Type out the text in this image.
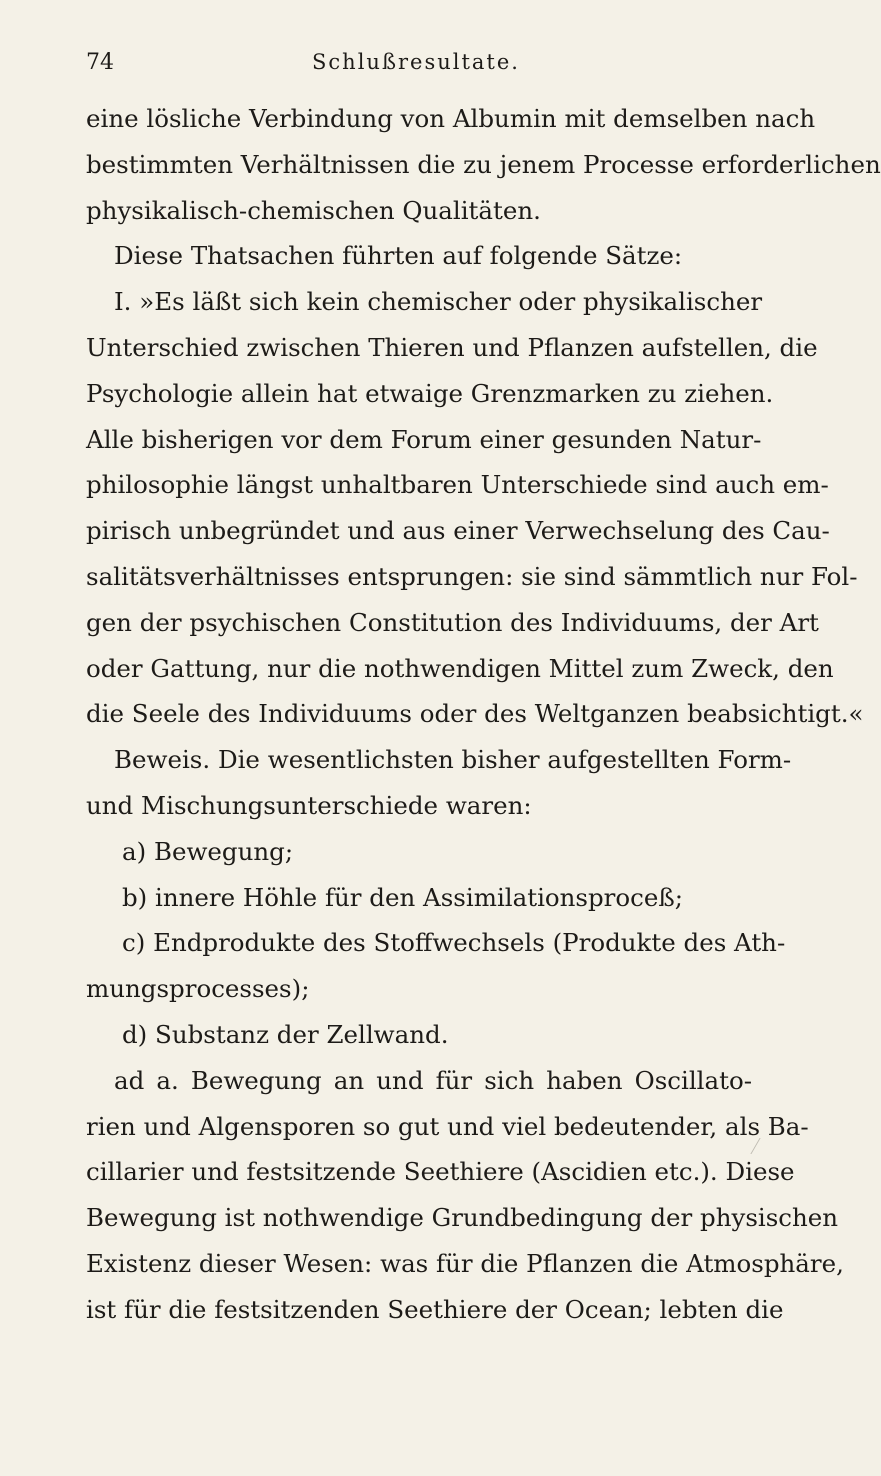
74	Schlußresultate.
eine lösliche Verbindung von Albumin mit demselben nach
bestimmten Verhältnissen die zu jenem Processe erforderlichen
physikalisch-chemischen Qualitäten.
Diese Thatsachen führten auf folgende Sätze:
I. »Es läßt sich kein chemischer oder physikalischer
Unterschied zwischen Thieren und Pflanzen aufstellen, die
Psychologie allein hat etwaige Grenzmarken zu ziehen.
Alle bisherigen vor dem Forum einer gesunden Natur-
philosophie längst unhaltbaren Unterschiede sind auch em-
pirisch unbegründet und aus einer Verwechselung des Cau-
salitätsverhältnisses entsprungen: sie sind sämmtlich nur Fol-
gen der psychischen Constitution des Individuums, der Art
oder Gattung, nur die nothwendigen Mittel zum Zweck, den
die Seele des Individuums oder des Weltganzen beabsichtigt.«
Beweis. Die wesentlichsten bisher aufgestellten Form-
und Mischungsunterschiede waren:
a) Bewegung;
b) innere Höhle für den Assimilationsproceß;
c) Endprodukte des Stoffwechsels (Produkte des Ath-
mungsprocesses);
d) Substanz der Zellwand.
ad a. Bewegung an und für sich haben Oscillato-
rien und Algensporen so gut und viel bedeutender, als Ba-
cillarier und festsitzende Seethiere (Ascidien etc.). Diese
Bewegung ist nothwendige Grundbedingung der physischen
Existenz dieser Wesen: was für die Pflanzen die Atmosphäre,
ist für die festsitzenden Seethiere der Ocean; lebten die
